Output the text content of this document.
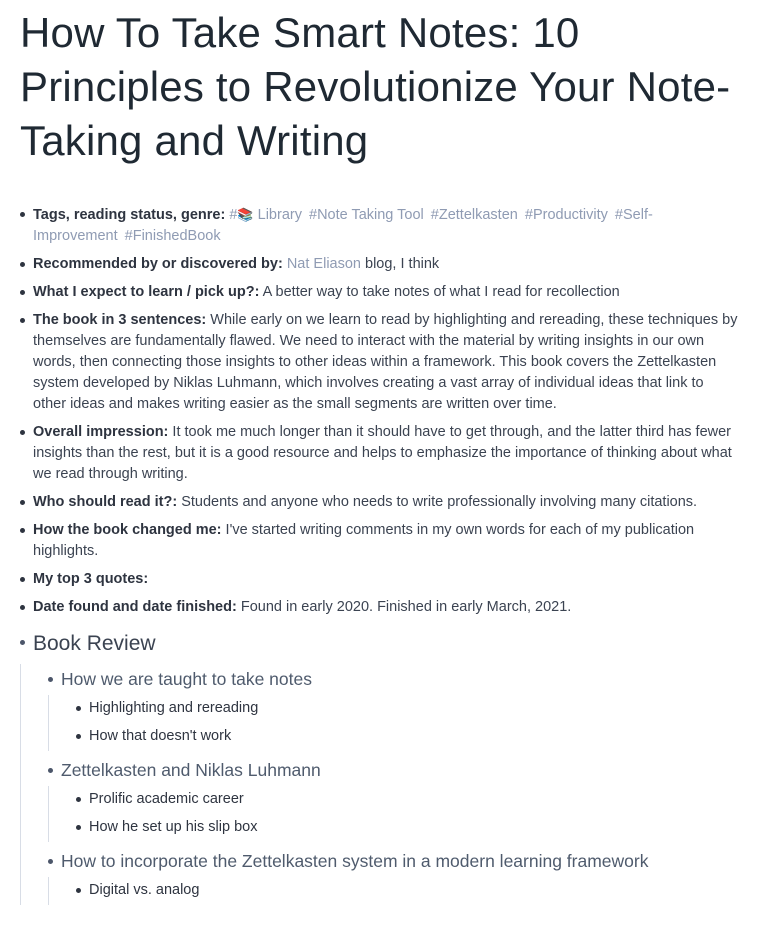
How To Take Smart Notes: 10 Principles to Revolutionize Your Note-Taking and Writing
Tags, reading status, genre: #📚 Library #Note Taking Tool #Zettelkasten #Productivity #Self-Improvement #FinishedBook
Recommended by or discovered by: Nat Eliason blog, I think
What I expect to learn / pick up?: A better way to take notes of what I read for recollection
The book in 3 sentences: While early on we learn to read by highlighting and rereading, these techniques by themselves are fundamentally flawed. We need to interact with the material by writing insights in our own words, then connecting those insights to other ideas within a framework. This book covers the Zettelkasten system developed by Niklas Luhmann, which involves creating a vast array of individual ideas that link to other ideas and makes writing easier as the small segments are written over time.
Overall impression: It took me much longer than it should have to get through, and the latter third has fewer insights than the rest, but it is a good resource and helps to emphasize the importance of thinking about what we read through writing.
Who should read it?: Students and anyone who needs to write professionally involving many citations.
How the book changed me: I've started writing comments in my own words for each of my publication highlights.
My top 3 quotes:
Date found and date finished: Found in early 2020. Finished in early March, 2021.
Book Review
How we are taught to take notes
Highlighting and rereading
How that doesn't work
Zettelkasten and Niklas Luhmann
Prolific academic career
How he set up his slip box
How to incorporate the Zettelkasten system in a modern learning framework
Digital vs. analog
